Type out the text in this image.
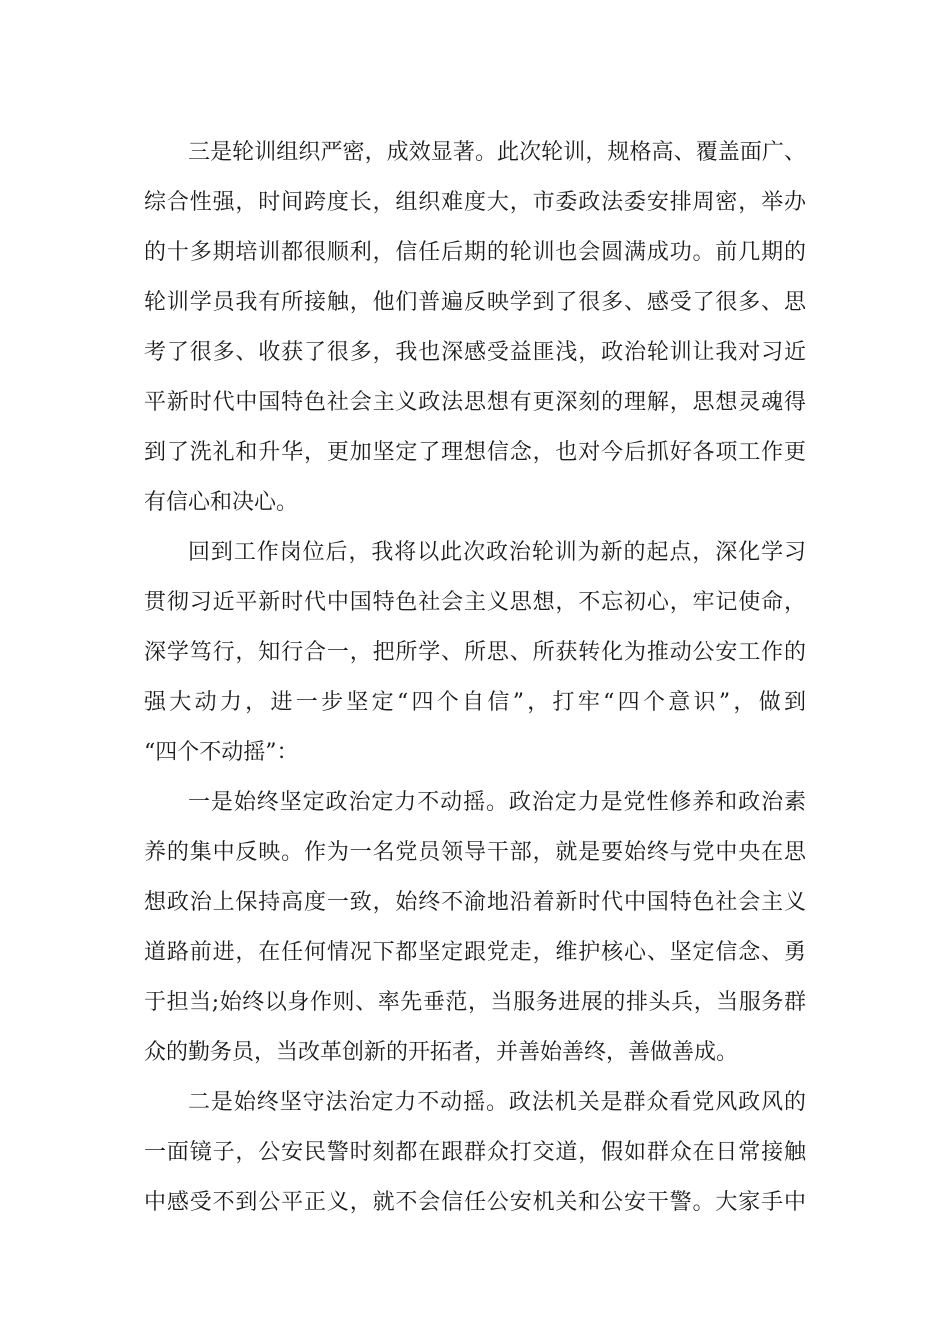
三是轮训组织严密，成效显著。此次轮训，规格高、覆盖面广、
综合性强，时间跨度长，组织难度大，市委政法委安排周密，举办
的十多期培训都很顺利，信任后期的轮训也会圆满成功。前几期的
轮训学员我有所接触，他们普遍反映学到了很多、感受了很多、思
考了很多、收获了很多，我也深感受益匪浅，政治轮训让我对习近
平新时代中国特色社会主义政法思想有更深刻的理解，思想灵魂得
到了洗礼和升华，更加坚定了理想信念，也对今后抓好各项工作更
有信心和决心。
回到工作岗位后，我将以此次政治轮训为新的起点，深化学习
贯彻习近平新时代中国特色社会主义思想，不忘初心，牢记使命，
深学笃行，知行合一，把所学、所思、所获转化为推动公安工作的
强大动力，进一步坚定“四个自信”，打牢“四个意识”，做到
“四个不动摇”：
一是始终坚定政治定力不动摇。政治定力是党性修养和政治素
养的集中反映。作为一名党员领导干部，就是要始终与党中央在思
想政治上保持高度一致，始终不渝地沿着新时代中国特色社会主义
道路前进，在任何情况下都坚定跟党走，维护核心、坚定信念、勇
于担当;始终以身作则、率先垂范，当服务进展的排头兵，当服务群
众的勤务员，当改革创新的开拓者，并善始善终，善做善成。
二是始终坚守法治定力不动摇。政法机关是群众看党风政风的
一面镜子，公安民警时刻都在跟群众打交道，假如群众在日常接触
中感受不到公平正义，就不会信任公安机关和公安干警。大家手中
